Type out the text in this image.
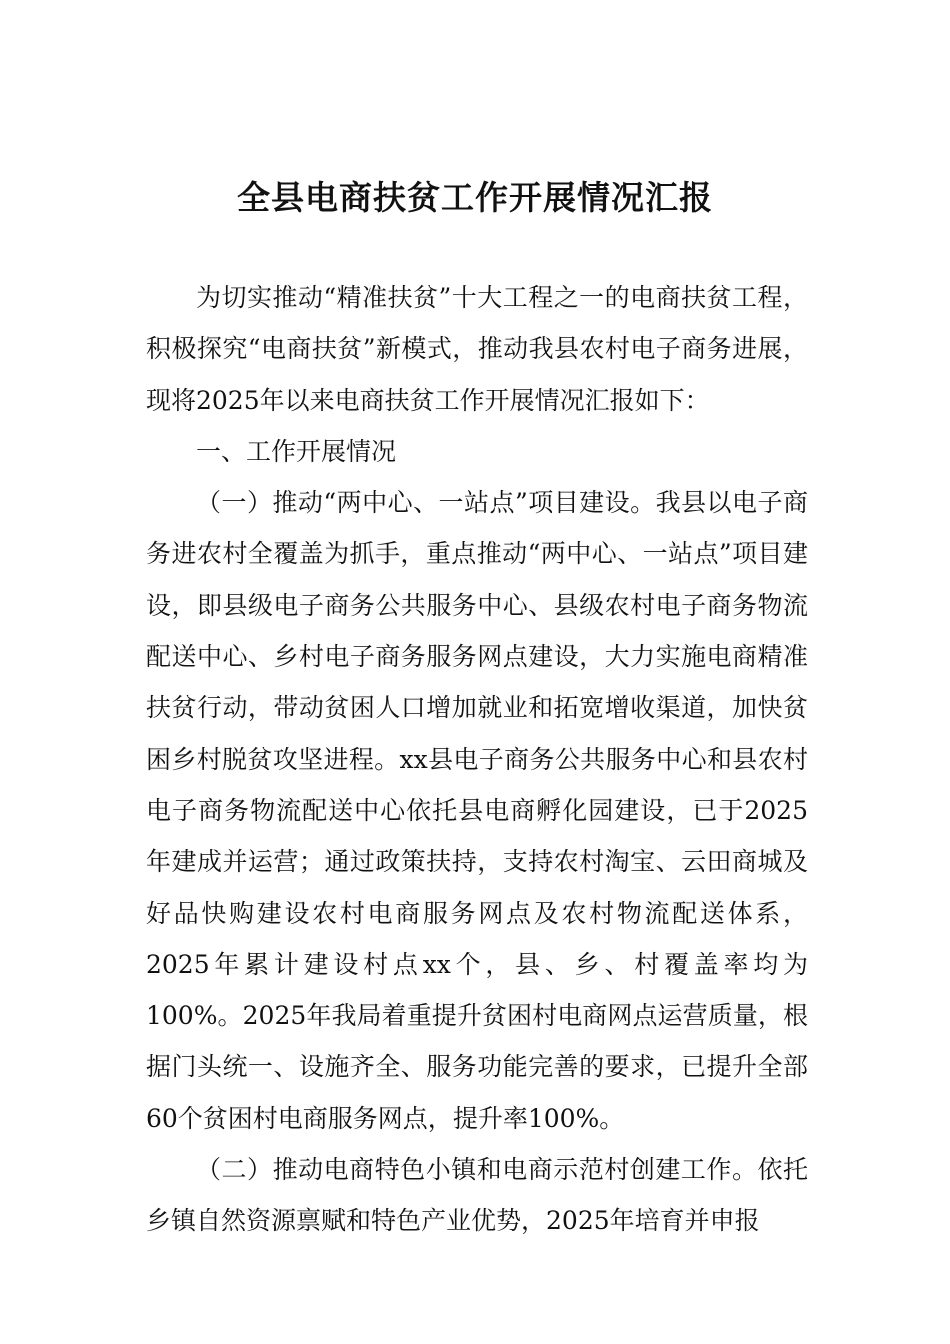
全县电商扶贫工作开展情况汇报

为切实推动“精准扶贫”十大工程之一的电商扶贫工程，积极探究“电商扶贫”新模式，推动我县农村电子商务进展，现将2025年以来电商扶贫工作开展情况汇报如下：

一、工作开展情况

（一）推动“两中心、一站点”项目建设。我县以电子商务进农村全覆盖为抓手，重点推动“两中心、一站点”项目建设，即县级电子商务公共服务中心、县级农村电子商务物流配送中心、乡村电子商务服务网点建设，大力实施电商精准扶贫行动，带动贫困人口增加就业和拓宽增收渠道，加快贫困乡村脱贫攻坚进程。xx县电子商务公共服务中心和县农村电子商务物流配送中心依托县电商孵化园建设，已于2025年建成并运营；通过政策扶持，支持农村淘宝、云田商城及好品快购建设农村电商服务网点及农村物流配送体系，2025年累计建设村点xx个，县、乡、村覆盖率均为100%。2025年我局着重提升贫困村电商网点运营质量，根据门头统一、设施齐全、服务功能完善的要求，已提升全部60个贫困村电商服务网点，提升率100%。

（二）推动电商特色小镇和电商示范村创建工作。依托乡镇自然资源禀赋和特色产业优势，2025年培育并申报
